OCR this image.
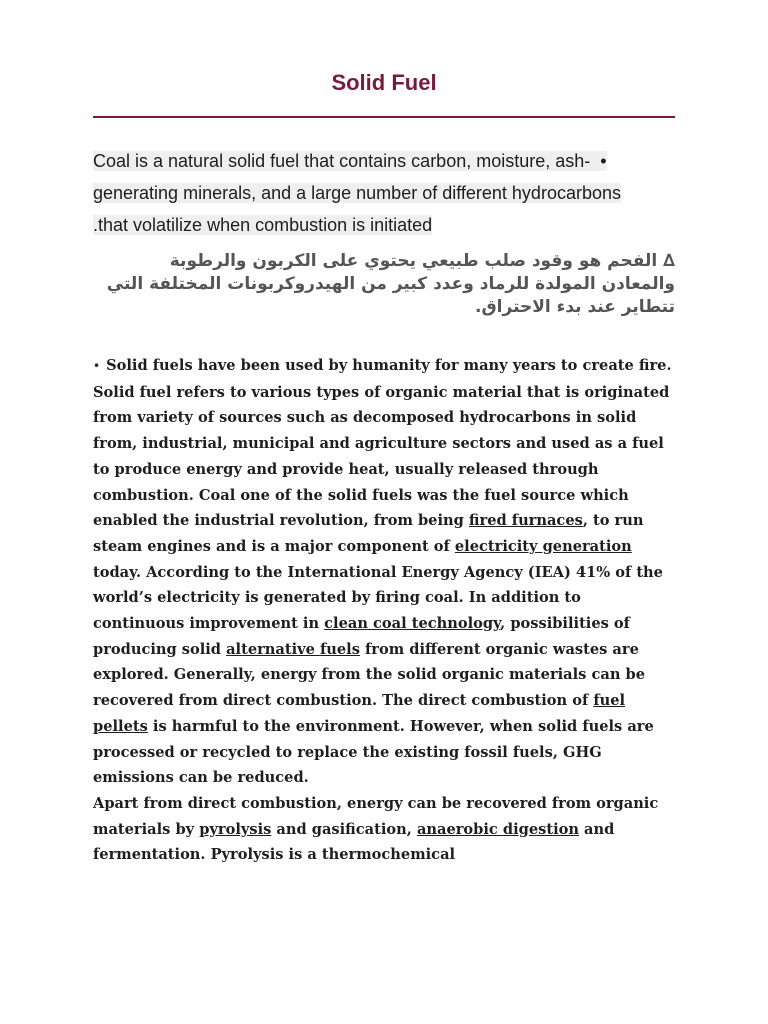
Solid Fuel
•  Coal is a natural solid fuel that contains carbon, moisture, ash-generating minerals, and a large number of different hydrocarbons that volatilize when combustion is initiated.
∆ الفحم هو وقود صلب طبيعي يحتوي على الكربون والرطوبة والمعادن المولدة للرماد وعدد كبير من الهيدروكربونات المختلفة التي تتطاير عند بدء الاحتراق.

• Solid fuels have been used by humanity for many years to create fire. Solid fuel refers to various types of organic material that is originated from variety of sources such as decomposed hydrocarbons in solid from, industrial, municipal and agriculture sectors and used as a fuel to produce energy and provide heat, usually released through combustion. Coal one of the solid fuels was the fuel source which enabled the industrial revolution, from being fired furnaces, to run steam engines and is a major component of electricity generation today. According to the International Energy Agency (IEA) 41% of the world’s electricity is generated by firing coal. In addition to continuous improvement in clean coal technology, possibilities of producing solid alternative fuels from different organic wastes are explored. Generally, energy from the solid organic materials can be recovered from direct combustion. The direct combustion of fuel pellets is harmful to the environment. However, when solid fuels are processed or recycled to replace the existing fossil fuels, GHG emissions can be reduced.

Apart from direct combustion, energy can be recovered from organic materials by pyrolysis and gasification, anaerobic digestion and fermentation. Pyrolysis is a thermochemical
